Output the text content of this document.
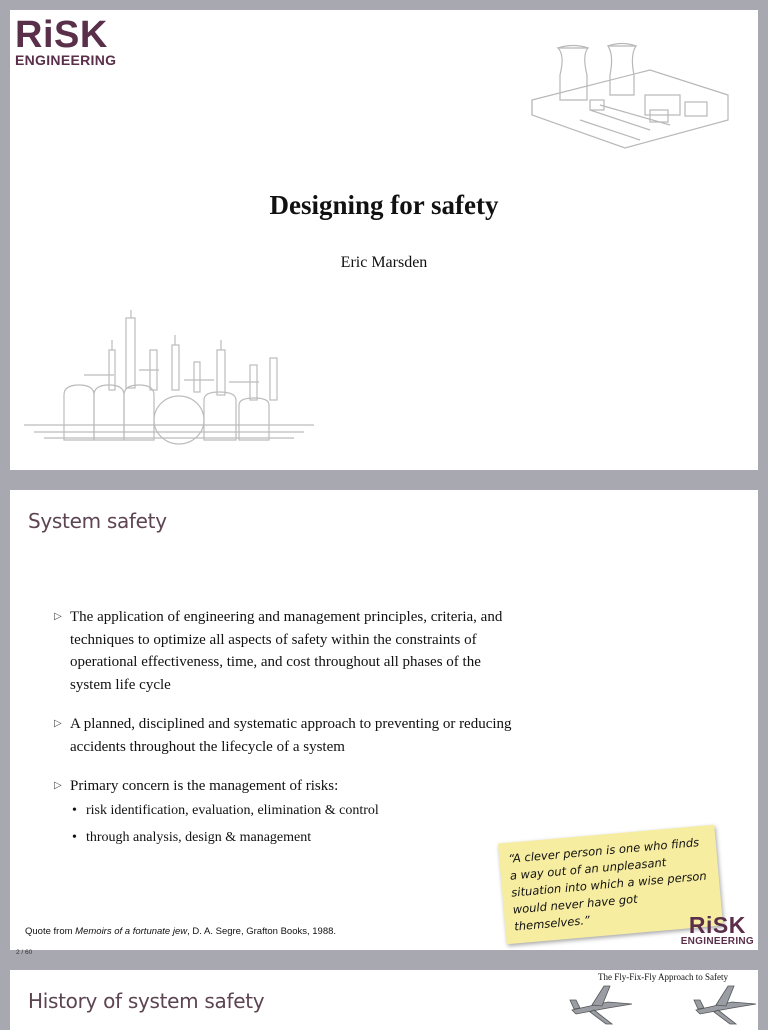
RiSK
ENGINEERING
Designing for safety
Eric Marsden
System safety
▷ The application of engineering and management principles, criteria, and techniques to optimize all aspects of safety within the constraints of operational effectiveness, time, and cost throughout all phases of the system life cycle
▷ A planned, disciplined and systematic approach to preventing or reducing accidents throughout the lifecycle of a system
▷ Primary concern is the management of risks:
• risk identification, evaluation, elimination & control
• through analysis, design & management	“A clever person is one who finds a way out of an unpleasant situation into which a wise person would never have got themselves.”
Quote from Memoirs of a fortunate jew, D. A. Segre, Grafton Books, 1988.	RiSK
ENGINEERING
2 / 60
History of system safety
The Fly-Fix-Fly Approach to Safety
